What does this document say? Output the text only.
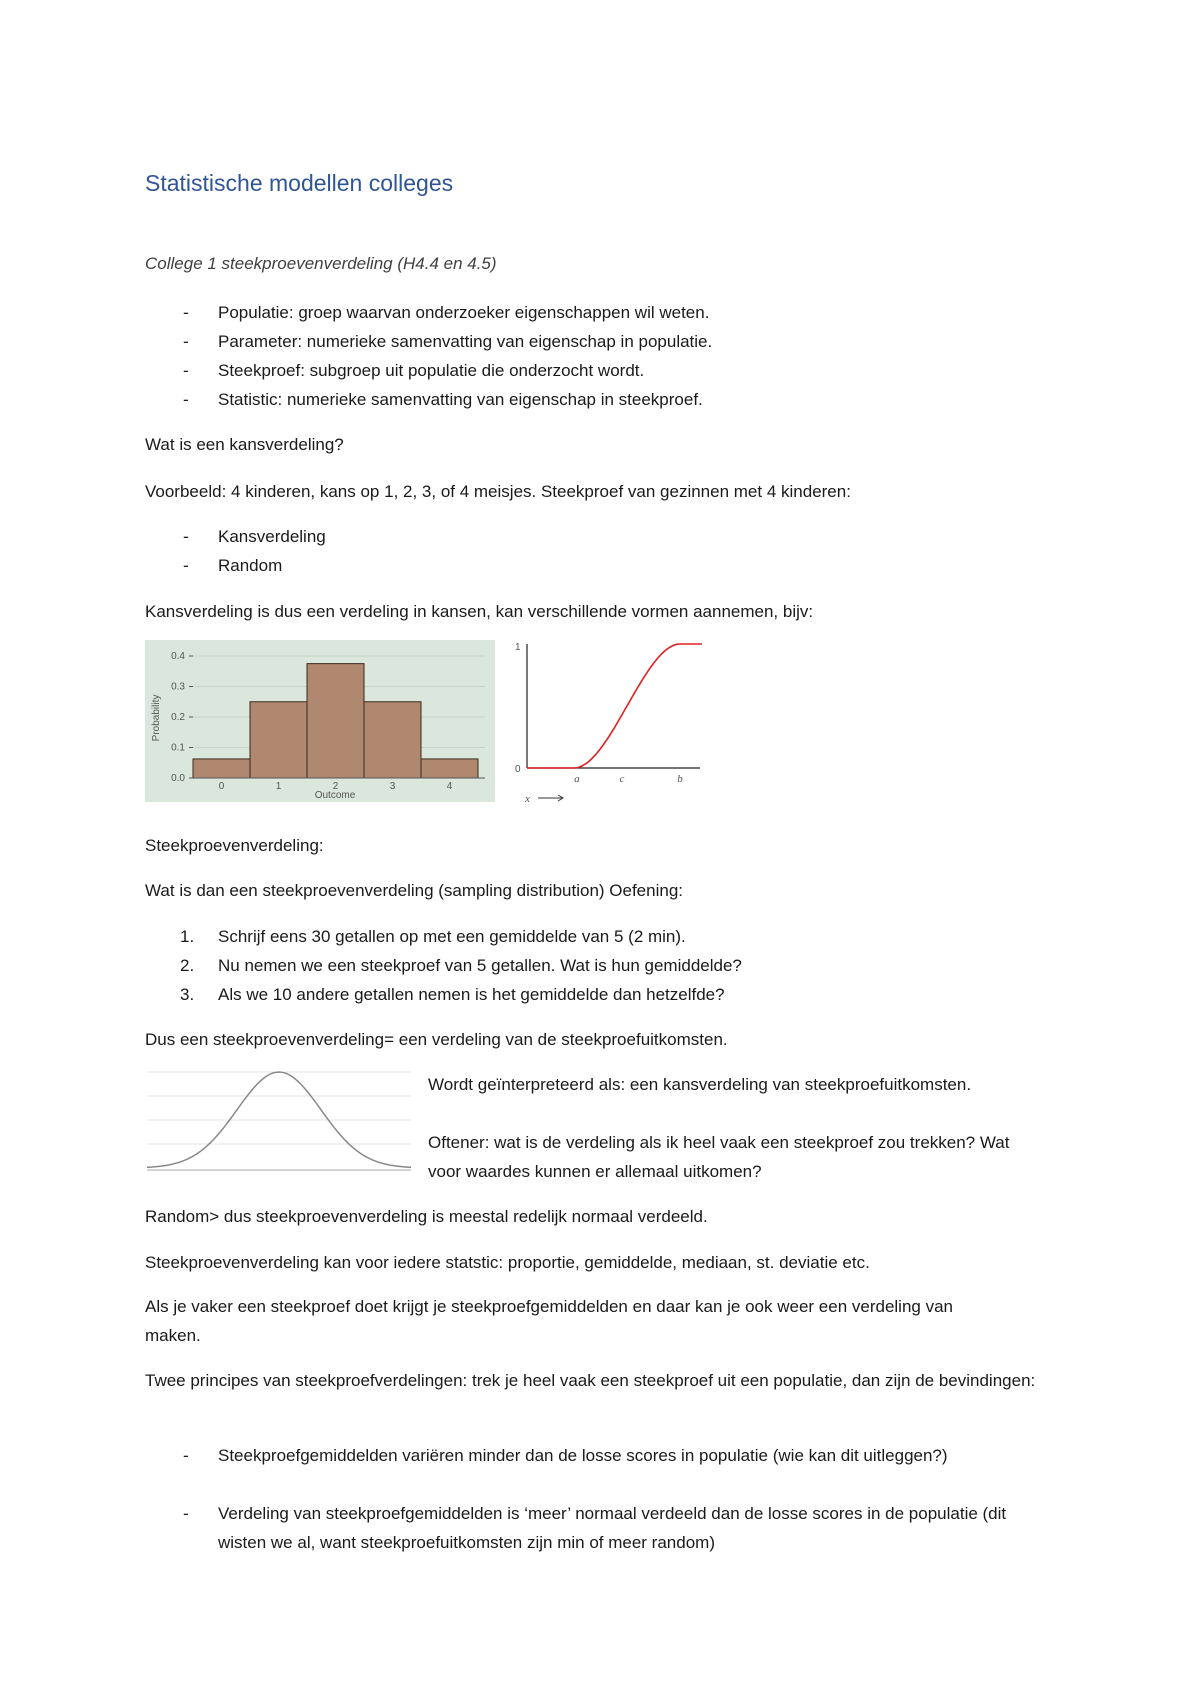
Statistische modellen colleges

College 1 steekproevenverdeling (H4.4 en 4.5)

- Populatie: groep waarvan onderzoeker eigenschappen wil weten.

- Parameter: numerieke samenvatting van eigenschap in populatie.

- Steekproef: subgroep uit populatie die onderzocht wordt.

- Statistic: numerieke samenvatting van eigenschap in steekproef.

Wat is een kansverdeling?

Voorbeeld: 4 kinderen, kans op 1, 2, 3, of 4 meisjes. Steekproef van gezinnen met 4 kinderen:

- Kansverdeling

- Random

Kansverdeling is dus een verdeling in kansen, kan verschillende vormen aannemen, bijv:

0.0
0.1
0.2
0.3
0.4
0	1	2	3	4
Outcome
Probability
1
0
a	c	b
x

Steekproevenverdeling:

Wat is dan een steekproevenverdeling (sampling distribution) Oefening:

1. Schrijf eens 30 getallen op met een gemiddelde van 5 (2 min).

2. Nu nemen we een steekproef van 5 getallen. Wat is hun gemiddelde?

3. Als we 10 andere getallen nemen is het gemiddelde dan hetzelfde?

Dus een steekproevenverdeling= een verdeling van de steekproefuitkomsten.

Wordt geïnterpreteerd als: een kansverdeling van steekproefuitkomsten.

Oftener: wat is de verdeling als ik heel vaak een steekproef zou trekken? Wat voor waardes kunnen er allemaal uitkomen?

Random> dus steekproevenverdeling is meestal redelijk normaal verdeeld.

Steekproevenverdeling kan voor iedere statstic: proportie, gemiddelde, mediaan, st. deviatie etc.

Als je vaker een steekproef doet krijgt je steekproefgemiddelden en daar kan je ook weer een verdeling van maken.

Twee principes van steekproefverdelingen: trek je heel vaak een steekproef uit een populatie, dan zijn de bevindingen:

- Steekproefgemiddelden variëren minder dan de losse scores in populatie (wie kan dit uitleggen?)

- Verdeling van steekproefgemiddelden is ‘meer’ normaal verdeeld dan de losse scores in de populatie (dit wisten we al, want steekproefuitkomsten zijn min of meer random)
